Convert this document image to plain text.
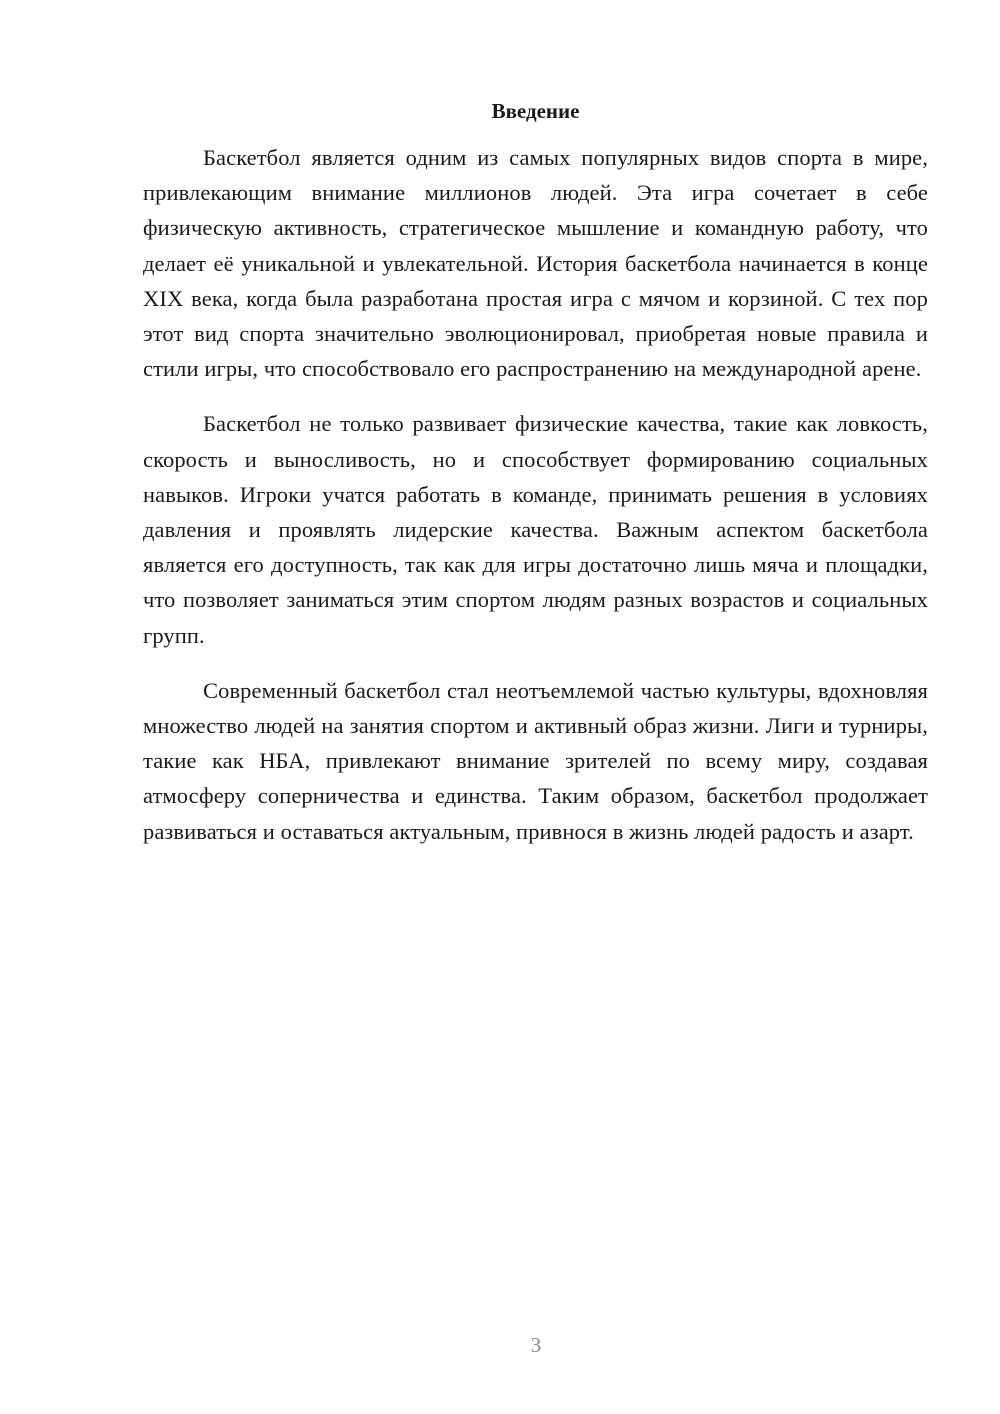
Введение

Баскетбол является одним из самых популярных видов спорта в мире, привлекающим внимание миллионов людей. Эта игра сочетает в себе физическую активность, стратегическое мышление и командную работу, что делает её уникальной и увлекательной. История баскетбола начинается в конце XIX века, когда была разработана простая игра с мячом и корзиной. С тех пор этот вид спорта значительно эволюционировал, приобретая новые правила и стили игры, что способствовало его распространению на международной арене.

Баскетбол не только развивает физические качества, такие как ловкость, скорость и выносливость, но и способствует формированию социальных навыков. Игроки учатся работать в команде, принимать решения в условиях давления и проявлять лидерские качества. Важным аспектом баскетбола является его доступность, так как для игры достаточно лишь мяча и площадки, что позволяет заниматься этим спортом людям разных возрастов и социальных групп.

Современный баскетбол стал неотъемлемой частью культуры, вдохновляя множество людей на занятия спортом и активный образ жизни. Лиги и турниры, такие как НБА, привлекают внимание зрителей по всему миру, создавая атмосферу соперничества и единства. Таким образом, баскетбол продолжает развиваться и оставаться актуальным, привнося в жизнь людей радость и азарт.

3
